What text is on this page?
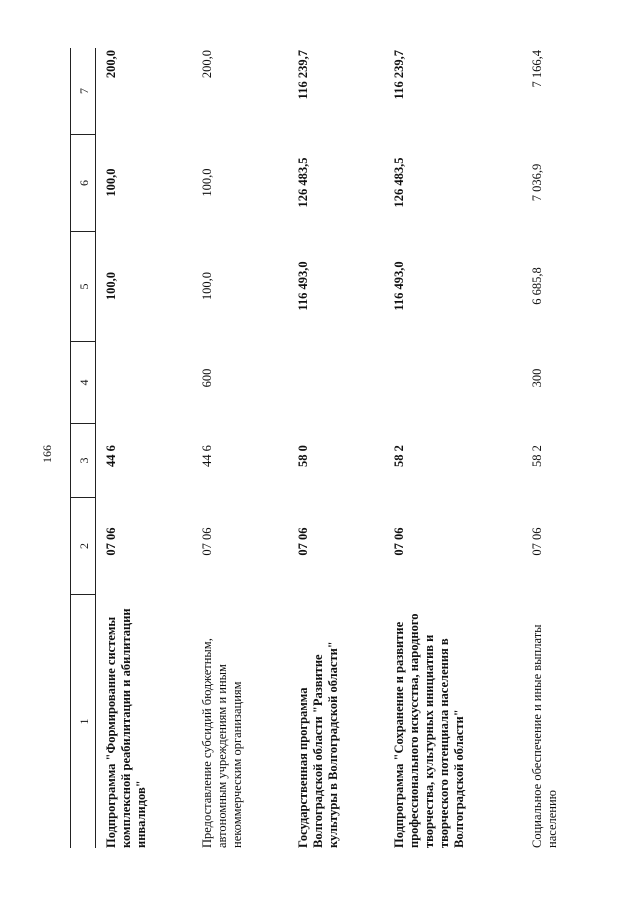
166
1
2
3
4
5
6
7
Подпрограмма "Формирование системы комплексной реабилитации и абилитации инвалидов"
07 06
44 6
100,0
100,0
200,0
Предоставление субсидий бюджетным, автономным учреждениям и иным некоммерческим организациям
07 06
44 6
600
100,0
100,0
200,0
Государственная программа Волгоградской области "Развитие культуры в Волгоградской области"
07 06
58 0
116 493,0
126 483,5
116 239,7
Подпрограмма "Сохранение и развитие профессионального искусства, народного творчества, культурных инициатив и творческого потенциала населения в Волгоградской области"
07 06
58 2
116 493,0
126 483,5
116 239,7
Социальное обеспечение и иные выплаты населению
07 06
58 2
300
6 685,8
7 036,9
7 166,4
